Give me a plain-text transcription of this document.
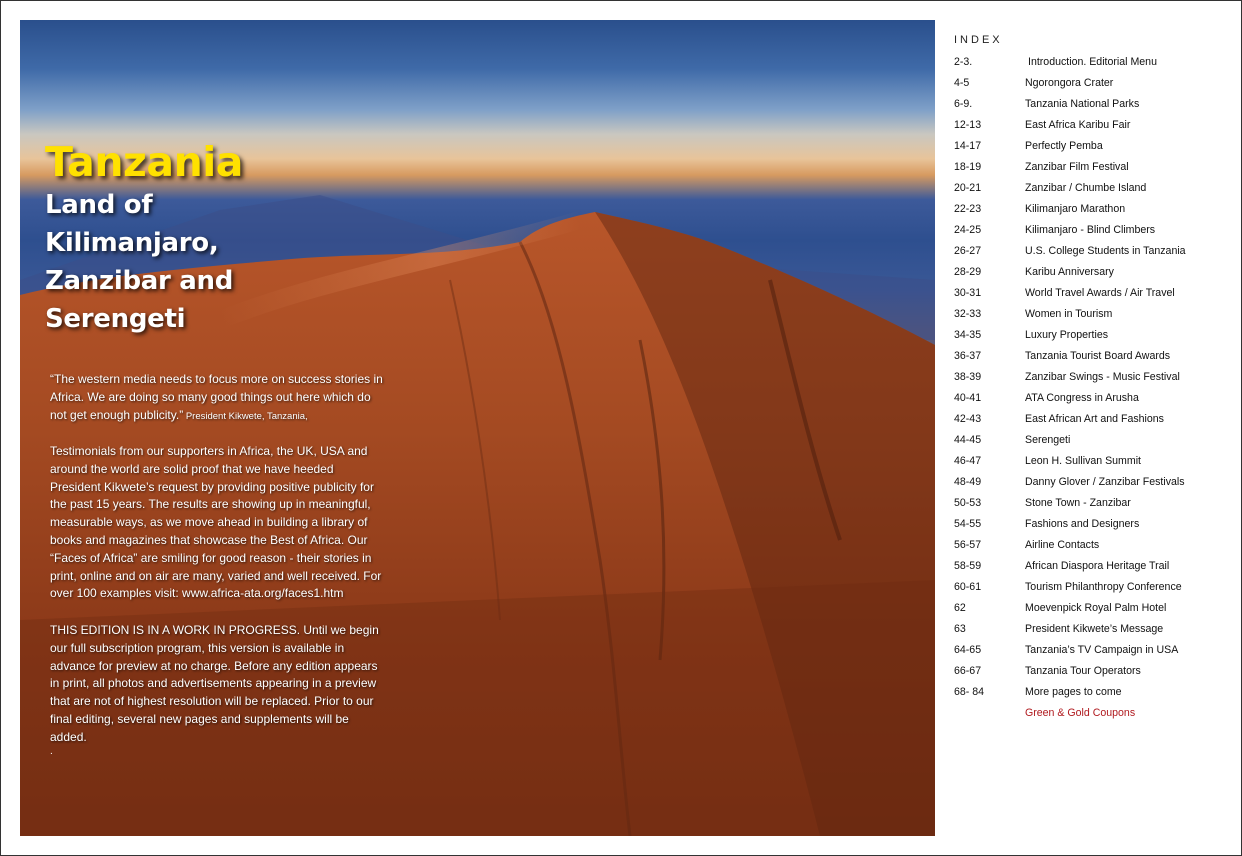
Tanzania
Land of
Kilimanjaro,
Zanzibar and
Serengeti
“The western media needs to focus more on success stories in Africa. We are doing so many good things out here which do not get enough publicity.” President Kikwete, Tanzania,
Testimonials from our supporters in Africa, the UK, USA and around the world are solid proof that we have heeded President Kikwete’s request by providing positive publicity for the past 15 years. The results are showing up in meaningful, measurable ways, as we move ahead in building a library of books and magazines that showcase the Best of Africa. Our “Faces of Africa” are smiling for good reason - their stories in print, online and on air are many, varied and well received. For over 100 examples visit: www.africa-ata.org/faces1.htm
THIS EDITION IS IN A WORK IN PROGRESS. Until we begin our full subscription program, this version is available in advance for preview at no charge. Before any edition appears in print, all photos and advertisements appearing in a preview that are not of highest resolution will be replaced. Prior to our final editing, several new pages and supplements will be added.
.
INDEX
2-3.	Introduction. Editorial Menu
4-5	Ngorongora Crater
6-9.	Tanzania National Parks
12-13	East Africa Karibu Fair
14-17	Perfectly Pemba
18-19	Zanzibar Film Festival
20-21	Zanzibar / Chumbe Island
22-23	Kilimanjaro Marathon
24-25	Kilimanjaro - Blind Climbers
26-27	U.S. College Students in Tanzania
28-29	Karibu Anniversary
30-31	World Travel Awards / Air Travel
32-33	Women in Tourism
34-35	Luxury Properties
36-37	Tanzania Tourist Board Awards
38-39	Zanzibar Swings - Music Festival
40-41	ATA Congress in Arusha
42-43	East African Art and Fashions
44-45	Serengeti
46-47	Leon H. Sullivan Summit
48-49	Danny Glover / Zanzibar Festivals
50-53	Stone Town - Zanzibar
54-55	Fashions and Designers
56-57	Airline Contacts
58-59	African Diaspora Heritage Trail
60-61	Tourism Philanthropy Conference
62	Moevenpick Royal Palm Hotel
63	President Kikwete’s Message
64-65	Tanzania’s TV Campaign in USA
66-67	Tanzania Tour Operators
68- 84	More pages to come
Green & Gold Coupons
